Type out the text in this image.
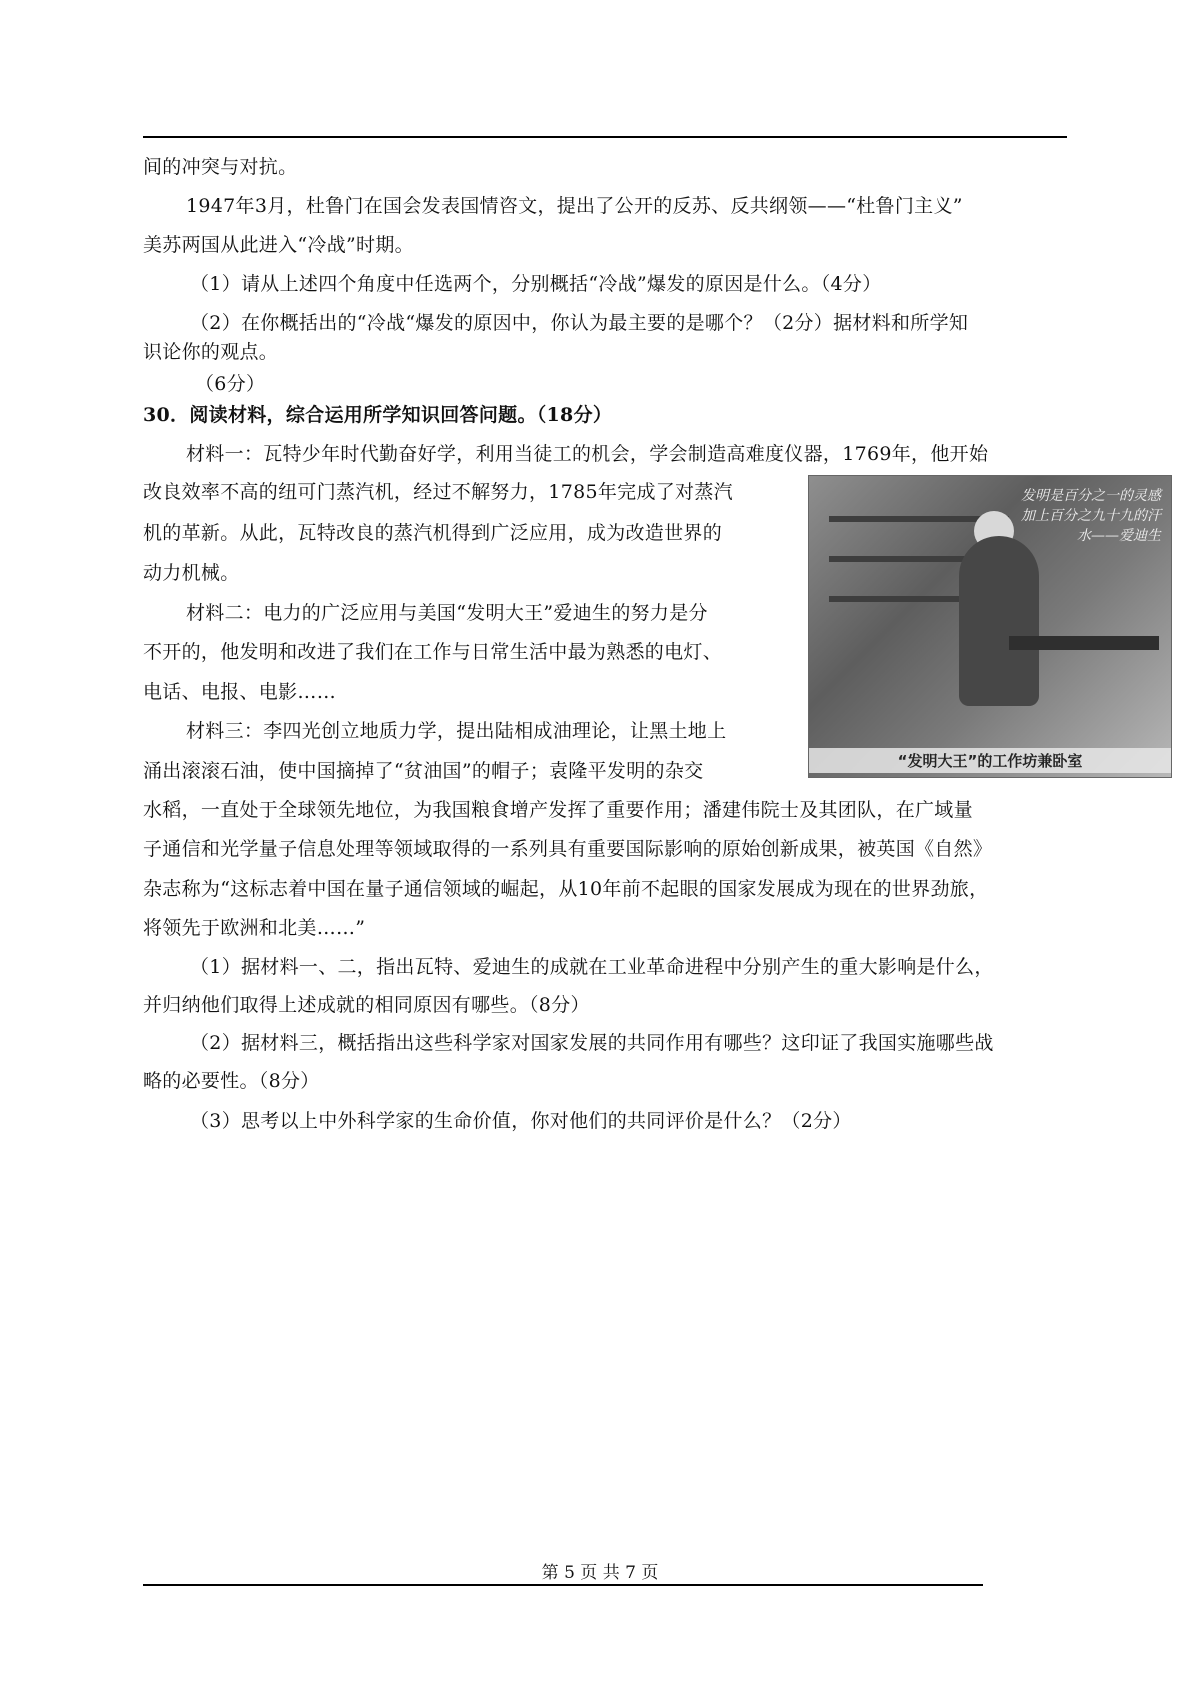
间的冲突与对抗。
1947年3月，杜鲁门在国会发表国情咨文，提出了公开的反苏、反共纲领——“杜鲁门主义”
美苏两国从此进入“冷战”时期。
（1）请从上述四个角度中任选两个，分别概括“冷战”爆发的原因是什么。（4分）
（2）在你概括出的“冷战“爆发的原因中，你认为最主要的是哪个？（2分）据材料和所学知
识论你的观点。
（6分）
30．阅读材料，综合运用所学知识回答问题。（18分）
材料一：瓦特少年时代勤奋好学，利用当徒工的机会，学会制造高难度仪器，1769年，他开始
改良效率不高的纽可门蒸汽机，经过不解努力，1785年完成了对蒸汽
机的革新。从此，瓦特改良的蒸汽机得到广泛应用，成为改造世界的
动力机械。
材料二：电力的广泛应用与美国“发明大王”爱迪生的努力是分
不开的，他发明和改进了我们在工作与日常生活中最为熟悉的电灯、
电话、电报、电影……
材料三：李四光创立地质力学，提出陆相成油理论，让黑土地上
涌出滚滚石油，使中国摘掉了“贫油国”的帽子；袁隆平发明的杂交
水稻，一直处于全球领先地位，为我国粮食增产发挥了重要作用；潘建伟院士及其团队，在广域量
子通信和光学量子信息处理等领域取得的一系列具有重要国际影响的原始创新成果，被英国《自然》
杂志称为“这标志着中国在量子通信领域的崛起，从10年前不起眼的国家发展成为现在的世界劲旅，
将领先于欧洲和北美……”
（1）据材料一、二，指出瓦特、爱迪生的成就在工业革命进程中分别产生的重大影响是什么，
并归纳他们取得上述成就的相同原因有哪些。（8分）
（2）据材料三，概括指出这些科学家对国家发展的共同作用有哪些？这印证了我国实施哪些战
略的必要性。（8分）
（3）思考以上中外科学家的生命价值，你对他们的共同评价是什么？（2分）
发明是百分之一的灵感加上百分之九十九的汗水——爱迪生
“发明大王”的工作坊兼卧室
第 5 页 共 7 页
